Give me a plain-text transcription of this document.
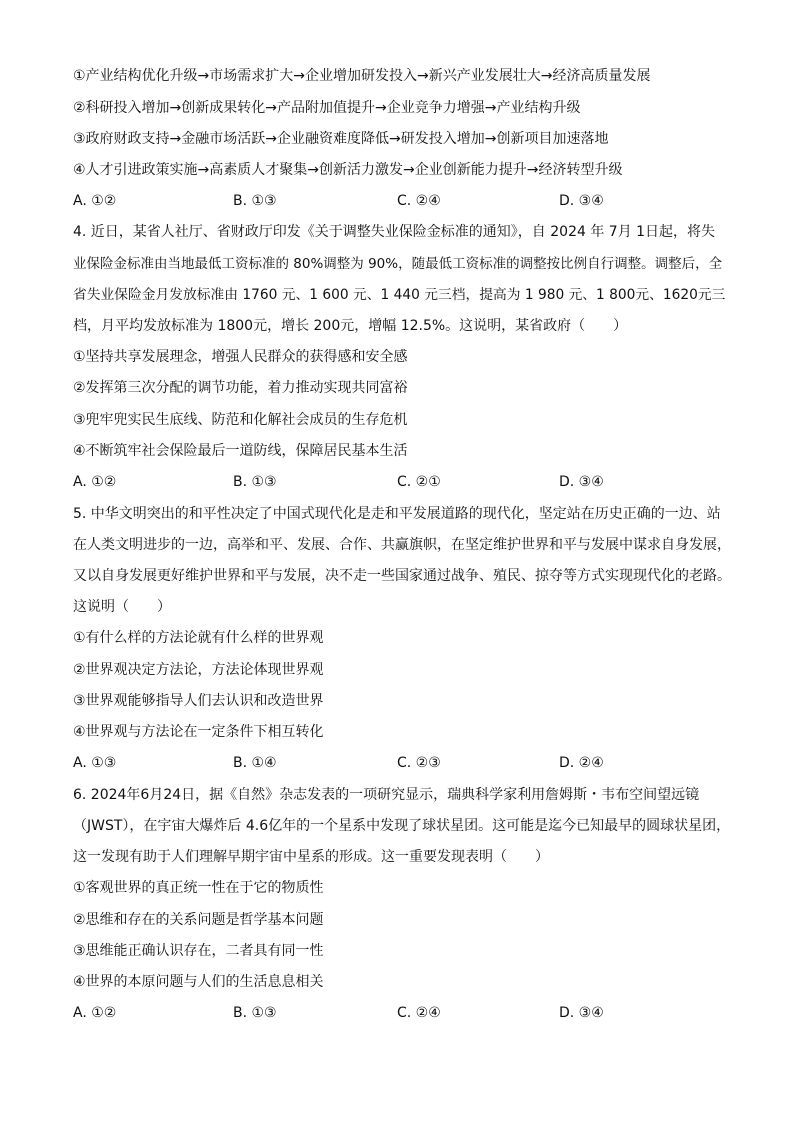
①产业结构优化升级→市场需求扩大→企业增加研发投入→新兴产业发展壮大→经济高质量发展
②科研投入增加→创新成果转化→产品附加值提升→企业竞争力增强→产业结构升级
③政府财政支持→金融市场活跃→企业融资难度降低→研发投入增加→创新项目加速落地
④人才引进政策实施→高素质人才聚集→创新活力激发→企业创新能力提升→经济转型升级
A. ①②	B. ①③	C. ②④	D. ③④
4. 近日，某省人社厅、省财政厅印发《关于调整失业保险金标准的通知》，自 2024 年 7月 1日起，将失
业保险金标准由当地最低工资标准的 80%调整为 90%，随最低工资标准的调整按比例自行调整。调整后，全
省失业保险金月发放标准由 1760 元、1 600 元、1 440 元三档，提高为 1 980 元、1 800元、1620元三
档，月平均发放标准为 1800元，增长 200元，增幅 12.5%。这说明，某省政府（　　）
①坚持共享发展理念，增强人民群众的获得感和安全感
②发挥第三次分配的调节功能，着力推动实现共同富裕
③兜牢兜实民生底线、防范和化解社会成员的生存危机
④不断筑牢社会保险最后一道防线，保障居民基本生活
A. ①②	B. ①③	C. ②①	D. ③④
5. 中华文明突出的和平性决定了中国式现代化是走和平发展道路的现代化，坚定站在历史正确的一边、站
在人类文明进步的一边，高举和平、发展、合作、共赢旗帜，在坚定维护世界和平与发展中谋求自身发展，
又以自身发展更好维护世界和平与发展，决不走一些国家通过战争、殖民、掠夺等方式实现现代化的老路。
这说明（　　）
①有什么样的方法论就有什么样的世界观
②世界观决定方法论，方法论体现世界观
③世界观能够指导人们去认识和改造世界
④世界观与方法论在一定条件下相互转化
A. ①③	B. ①④	C. ②③	D. ②④
6. 2024年6月24日，据《自然》杂志发表的一项研究显示，瑞典科学家利用詹姆斯・韦布空间望远镜
（JWST），在宇宙大爆炸后 4.6亿年的一个星系中发现了球状星团。这可能是迄今已知最早的圆球状星团，
这一发现有助于人们理解早期宇宙中星系的形成。这一重要发现表明（　　）
①客观世界的真正统一性在于它的物质性
②思维和存在的关系问题是哲学基本问题
③思维能正确认识存在，二者具有同一性
④世界的本原问题与人们的生活息息相关
A. ①②	B. ①③	C. ②④	D. ③④
